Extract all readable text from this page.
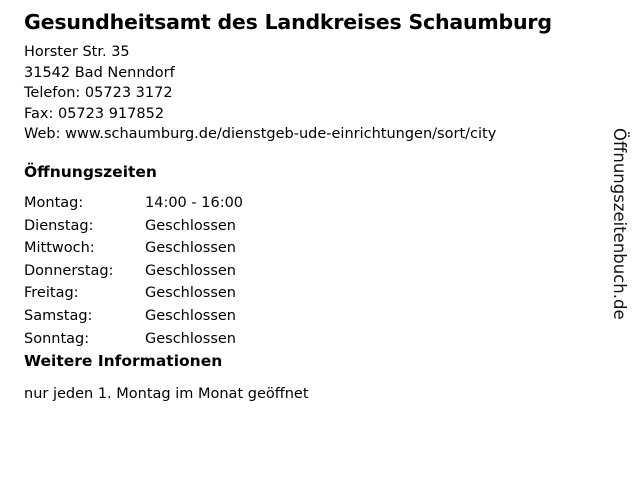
Gesundheitsamt des Landkreises Schaumburg
Horster Str. 35
31542 Bad Nenndorf
Telefon: 05723 3172
Fax: 05723 917852
Web: www.schaumburg.de/dienstgeb-ude-einrichtungen/sort/city
Öffnungszeiten
Montag:	14:00 - 16:00
Dienstag:	Geschlossen
Mittwoch:	Geschlossen
Donnerstag:	Geschlossen
Freitag:	Geschlossen
Samstag:	Geschlossen
Sonntag:	Geschlossen
Weitere Informationen
nur jeden 1. Montag im Monat geöffnet
Öffnungszeitenbuch.de
